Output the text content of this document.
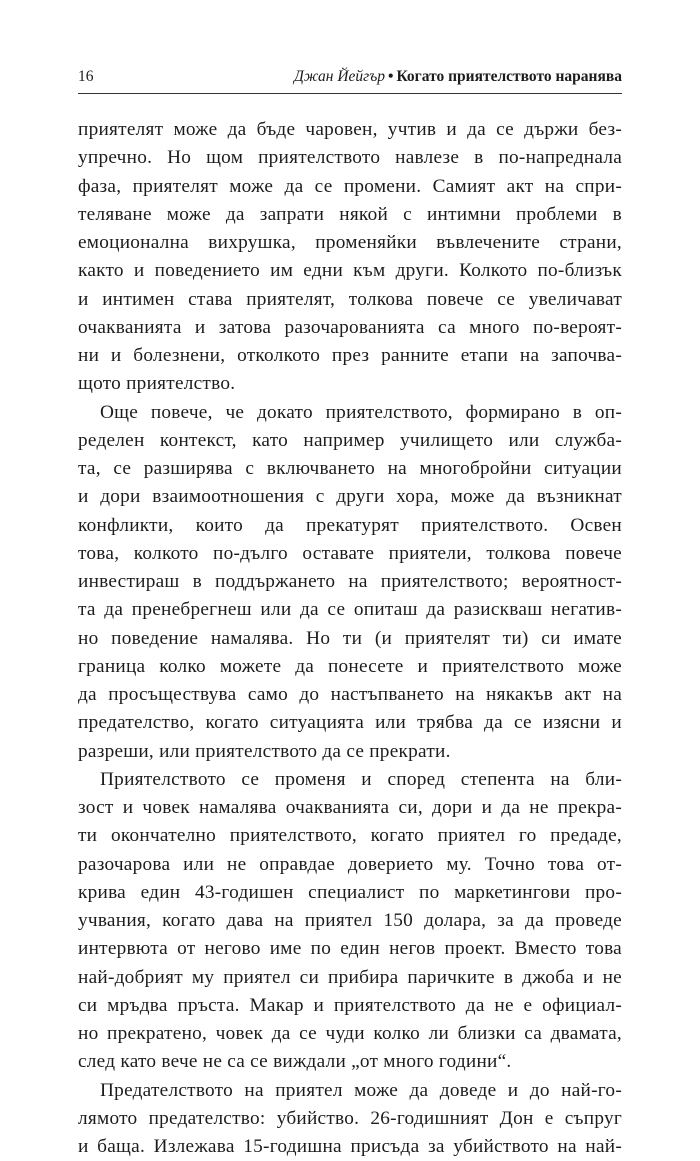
16	Джан Йейгър • Когато приятелството наранява
приятелят може да бъде чаровен, учтив и да се държи без-
упречно. Но щом приятелството навлезе в по-напреднала
фаза, приятелят може да се промени. Самият акт на спри-
теляване може да запрати някой с интимни проблеми в
емоционална вихрушка, променяйки въвлечените страни,
както и поведението им едни към други. Колкото по-близък
и интимен става приятелят, толкова повече се увеличават
очакванията и затова разочарованията са много по-вероят-
ни и болезнени, отколкото през ранните етапи на започва-
щото приятелство.
Още повече, че докато приятелството, формирано в оп-
ределен контекст, като например училището или службa-
та, се разширява с включването на многобройни ситуации
и дори взаимоотношения с други хора, може да възникнат
конфликти, които да прекатурят приятелството. Освен
това, колкото по-дълго оставате приятели, толкова повече
инвестираш в поддържането на приятелството; вероятност-
та да пренебрегнеш или да се опиташ да разискваш негатив-
но поведение намалява. Но ти (и приятелят ти) си имате
граница колко можете да понесете и приятелството може
да просъществува само до настъпването на някакъв акт на
предателство, когато ситуацията или трябва да се изясни и
разреши, или приятелството да се прекрати.
Приятелството се променя и според степента на бли-
зост и човек намалява очакванията си, дори и да не прекра-
ти окончателно приятелството, когато приятел го предаде,
разочарова или не оправдае доверието му. Точно това от-
крива един 43-годишен специалист по маркетингови про-
учвания, когато дава на приятел 150 долара, за да проведе
интервюта от негово име по един негов проект. Вместо това
най-добрият му приятел си прибира паричките в джоба и не
си мръдва пръста. Макар и приятелството да не е официал-
но прекратено, човек да се чуди колко ли близки са двамата,
след като вече не са се виждали „от много години“.
Предателството на приятел може да доведе и до най-го-
лямото предателство: убийство. 26-годишният Дон е съпруг
и баща. Излежава 15-годишна присъда за убийството на най-
